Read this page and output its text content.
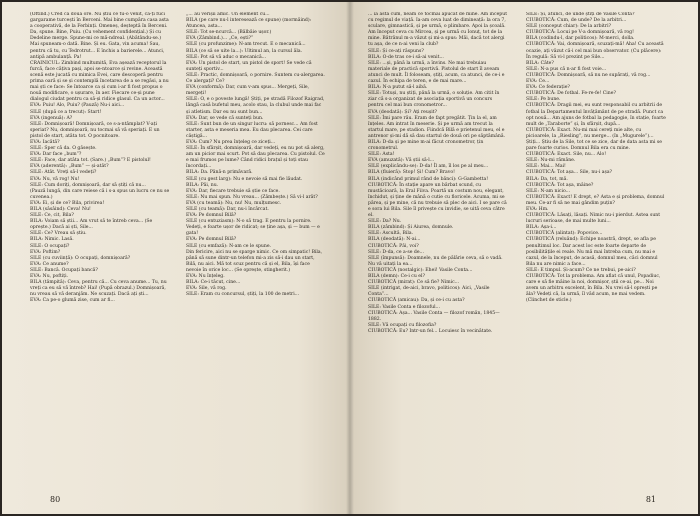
(Oftind.) Cred că două ore. Nu știu ce tu-o venit, că-ți fuci gargarame turcești în Berceni. Mai bine cumpăra casa asta a cooperativă, de la Ferbinți. Omeneș, deșteptă în Berceni. Da, spune. Bine, Puiu. (Cu vehement confidențial.) Și cu Dedeline merge. Spune-mi ce mă-ndreal. (Abătându-se.) Mai spuneam-o dată. Bine. Și eu. Gata, vin acuma! Sau, pentru că tu, cu Tedrotrut... E închis a barierele... Atunci, antipă ambulanță. Pa!

CRAINICUL: Zimbind multumită, Eva așează receptorul la furcă, face câțiva pași, apoi se-ntoarce și revine. Această scenă este jucată cu mimica Evei, care descoperă pentru prima oară și se și contemplă încetarea de a se regăsi, a nu mai ști ce face: Se întoarce ca și cum i-ar fi fost propus o nouă modificare, o ușurare, în aer. Fiecare ce-și pune dialogul ciudat pentru ca să-și ridice glasul. Ca un actor...

EVA: Puiu! Alo, Puiu? (Pauză) Nu-i aici...

SILE (după ce a trecut): Start!

EVA (ingenuă): A?

SILE: Domnișoară! Domnișoară, ce s-a-ntâmplat? V-ați speriat? Nu, domnișoară, nu tocmai să vă speriați. E un pistol de start, atâta tot. O pocnitoare.

EVA: Iacătă?

SILE: Sper că da. O găsește.

EVA: Dar face „bum”?

SILE: Face, dar atâta tot. (Sare.) „Bum”? E pistolul!

EVA (aderentă): „Bum” — și-atât?

SILE: Atât. Vreți să-l vedeți?

EVA: Nu, vă rog! Nu!

SILE: Cum doriți, domnișoară, dar să știți că nu...

(Pauză lungă, din care reiese că i s-a spus un lucru ce nu se cuvenea.)

EVA: Ei, și de ce? Bila, privirea!

BILA (sâsâind): Ceva! Nu!

SILE: Ce, cit, Bila?

BILA: Voiam să știi... Am vrut să te întreb ceva... (Se oprește.) Dacă ai ști, Sile...

SILE: Ce? Vreau să știu.

BILA: Nimic. Lasă.

SILE: O ocupați?

EVA: Poftim?

SILE (cu cuviință): O ocupați, domnișoară?

EVA: Ce anume?

SILE: Bancă. Ocupați bancă?

EVA: Nu, poftiți.

BILA (tâmpită): Ceva, pentru că... Cu ceva anume... Tu, nu vreți ca eu să vă întreb? Hai! (Pupă obrazul.) Domnișoară, nu vreau să vă deranjăm. Ne scuzați. Dacă ați ști...

EVA: Ca pe-o glumă zise, cum ar fi...

„... au verișii amic. Un element cu...

BILA (pe care nu-l interesează ce spune) (mormăind): Atuncea, asta...

SILE: Tot se-ncurcă... (Bâlbâie ușor.)

EVA (Zâmbind.)... „Ce, ești?”

SILE (cu profunzime): N-am trecut. E o mecanică...

BILA (ce să se uite la...): Ultimul an, la cursul ăla.

SILE: Pot să vă aduc o mecanică...

EVA: Un pistol de start, un pistol de sport! Se vede că sunteți sportiv...

SILE: Practic, domnișoară, o pornire. Suntem cu-alergarea. Ce alergați? Ce?

EVA (conformă): Dar, cum v-am spus... Mergeți, Sile, mergeți!

SILE: O, e o poveste lungă! Știți, pe stradă Filozof Raigrad, lângă casă bufetul meu, acolo stau, la clubul unde mai fac și atletism. Dar eu nu sunt bun...

EVA: Dar, se vede că sunteți bun.

SILE: Sunt bun de un singur lucru: să pornesc... Am fost starter, asta e meseria mea. Eu dau plecarea. Cei care câștigă...

EVA: Cum? Nu prea înțeleg ce ziceți...

SILE: În sfârșit, domnișoară, dar vedeți, eu nu pot să alerg, am un picior mai scurt. Pot să dau plecarea. Cu pistolul. Ce e mai frumos pe lume? Când ridici brațul și toți stau încordați...

BILA: Da. Până-n primăvară.

SILE (cu gest larg): Nu e nevoie să mai fie lăudat.

BILA: Păi, nu.

EVA: Dar, fiecare trebuie să știe ce face.

SILE: Nu mai spun. Nu vreau... (Zâmbește.) Să vi-l arăt?

EVA (cu teamă): Nu, nu! Nu, mulțumesc.

SILE (cu teamă): Dar, nu-i încărcat.

EVA: Pe domnul Bilă?

SILE (cu entuziasm): N-o să trag. E pentru la pornire. Vedeți, e foarte ușor de ridicat; se ține așa, și — bum — e gata!

EVA: Pe domnul Bilă?

SILE (cu emfază): N-am ce le spune.

Din fericire, aici nu se sparge nimic. Ce om simpatic! Bila, până să sune dintr-un telefon mi-a zis să-i dau un start, Bilă, nu aici. Mă tot scuz pentru că și el, Bila, își face nevoie în orice loc... (Se oprește, stingherit.)

EVA: Nu înțeleg.

BILA: Ce-i tăcut, cine...

EVA: Sile, vă rog.

SILE: Eram cu concursul, știți, la 100 de metri...

80

... ia asta cum, neam ce tocmai apucat de mine. Am început cu regimul de viață. Ia-am ceva luat de dimineață: la ora 7, sculare, gimnastică, și pe urmă, o plimbare. Apoi la școală. Am început ceva cu Mircea, și pe urmă cu Ionuț, tot de la mine. Bătrânul m-a văzut și mi-a spus: Măi, dacă tot alergi tu așa, de ce n-ai veni la club?

SILE: Și ce-ați răspuns?

BILA: O-de tras ce-i să-ai venit...

SILE: ...și, până la urmă, a învins. Ne mai trebuiau materiale de practică sportivă. Pistolul de start îl aveam atunci de mult. Îl foloseam, știți, acum, ca atunci, de ce-i e cazul. În echipa de teren, e de mai mare...

BILA: N-a putut să-l aibă.

SILE: Totuși, nu știți, până la urmă, o soluție. Am citit în ziar că s-a organizat de asociația sportivă un concurs pentru cel mai bun cronometror...

EVA (deodată): Și? Ați reușit?

SILE: Îmi pare rău. Eram de fapt pregătit. Țin la el, am înțeles. Am intrat în meserie. Și pe urmă am trecut la startul mare, pe stadion. Fiindcă Bilă e prietenul meu, el e antrenor și-mi dă să dau startul de două ori pe săptămână.

BILA: D-da și pe mine m-ai făcut cronometror, țin cronometrul.

SILE: Asta!

EVA (amuzată): Vă știi să-l...

SILE (explicându-se): D-da! Îl am, îl los pe al meu...

BILA (fluieră): Stop! Și! Cum? Bravo!

BILA (indicând primul rând de bănci): G-Gambetta!

CIUBOTICĂ: În stație apare un bărbat scund, cu mustăcioară, la Eral Fiiva. Poartă un costum nou, elegant, închidut, și ține de mână o cutie cu floricele. Acuma, mi se părea, și pe mine, că nu trebuie să plec de aici. I se pare că e sora lui Bila. Sile îl privește cu invidie, se uită ceva către el.

SILE: Da? Nu.

BILA (zâmbind): Și Aiurea, domnule.

SILE: Ascultă, Bila.

BILA (deodată): N-ai...

CIUBOTICĂ: Păi, voi?

SILE: D-da, ce a-se de...

SILE (împunsă): Doamnele, nu de pălărie ceva, să o vadă. Nu vă uitați la ea...

CIUBOTICĂ (nostalgic): Ehei! Vasile Conta...

BILA (demn): Ce-i cu el?

CIUBOTICĂ (mirat): Ce să fie? Nimic...

SILE (intrigat, de-aici, bravo, politicos): Aici, „Vasile Conta”...

CIUBOTICĂ (amicau): Da, și ce-i cu asta?

SILE: Vasile Conta e filozoful...

CIUBOTICĂ: Așa... Vasile Conta — filozof român, 1845—1882.

SILE: Vă ocupați cu filozofia?

CIUBOTICĂ: Eu? Intr-un fel... Locuiesc în vecinătate.

SILE: Și, atunci, de unde știți de Vasile Conta?

CIUBOTICĂ: Cum, de unde? De la arbitri...

SILE (conceput chiar): De la arbitri?

CIUBOTICĂ: Locui pe V-a domnișoară, vă rog!

BILA (codindu-l, dar politicos): M-merci, dolla.

CIUBOTICĂ: Vai, domnișoară, scuzați-mă! Aha! Cu această ocazie, ați văzut că-i cel mai bun observator. (Cu plăcere): În regulă: Să vi-l prezint pe Sile...

BILA: Câte?

SILE: N-a pus că n-ar fi fost voie...

CIUBOTICĂ: Domnișoară, să nu ne supărați, vă rog...

EVA: Ce...

EVA: Ce federație?

CIUBOTICĂ: De fotbal. Fe-re-fe! Cine?

SILE: Pe bune.

CIUBOTICĂ: Dragii mei, eu sunt responsabil cu arbitrii de fotbal la Departamentul învățământ de pe stradă. Punct ca opt nouă... Am ajuns de fotbal la pedagogie, în stație, foarte mult de „Taraborte” și, în sfârșit, după...

CIUBOTICĂ: Exact. Nu-mi mai cereți mie alte, cu picioarele, la „Riesling”, nu merge... (în „Mugurele”)... Știți... Știu de la Sile, tot ce se zice, dar de data asta mi se pare foarte curios. Domnul Bila era cu mine.

CIUBOTICĂ: Exact. Sile, nu... Alo!

SILE: Nu-mi rămâne.

SILE: Mai... Mai!

CIUBOTICĂ: Tot așa... Sile, nu-i așa?

BILA: Da, tot, mă.

CIUBOTICĂ: Tot așa, mâine?

SILE: N-am nicio...

CIUBOTICĂ: Exact! E drept, e? Asta e și problema, domnul meu. Ce-ar fi să ne mai gândim puțin?

EVA: Hm.

CIUBOTICĂ: Lăsați, lăsați. Nimic nu-i pierdut. Astea sunt lucruri serioase, de mai multe luni...

BILA: Așa-i...

CIUBOTICĂ (alintat): Popovice...

CIUBOTICĂ (reluând): Echipe noastră, drept, se afla pe penultimul loc. Dar acest loc este foarte departe de posibilitățile ei reale. Nu mă mai întreba cum, nu mai e cazul, de la început, de acasă, domnul meu, căci domnul Bila nu are nimic a face...

SILE: E timpul. Și-acum? Ce ne trebui, pe-aici?

CIUBOTICĂ: Tot la problema. Am aflat că unul, Popadiuc, care e să fie mâine la noi, domnișor, știi ce-ai, pe... Noi avem un arbitru excelent, în Bila. Nu vrei să-l oprești pe ăla? Vedeți că, la urmă, îl văd acum, ne mai vedem. (Clinchet de sticle.)

81
